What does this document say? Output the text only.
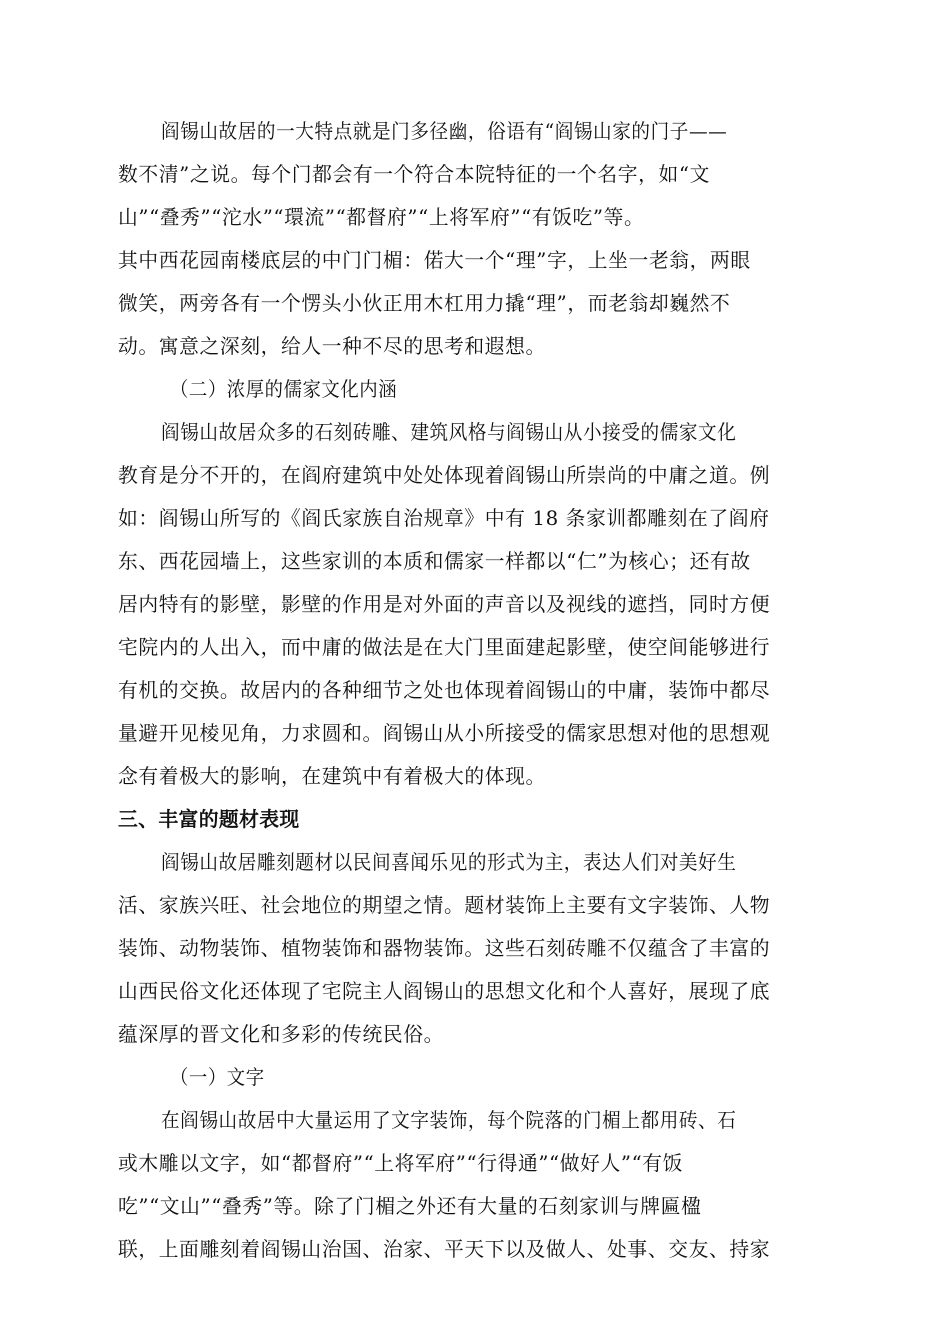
阎锡山故居的一大特点就是门多径幽，俗语有“阎锡山家的门子——
数不清”之说。每个门都会有一个符合本院特征的一个名字，如“文
山”“叠秀”“沱水”“環流”“都督府”“上将军府”“有饭吃”等。
其中西花园南楼底层的中门门楣：偌大一个“理”字，上坐一老翁，两眼
微笑，两旁各有一个愣头小伙正用木杠用力撬“理”，而老翁却巍然不
动。寓意之深刻，给人一种不尽的思考和遐想。
（二）浓厚的儒家文化内涵
阎锡山故居众多的石刻砖雕、建筑风格与阎锡山从小接受的儒家文化
教育是分不开的，在阎府建筑中处处体现着阎锡山所崇尚的中庸之道。例
如：阎锡山所写的《阎氏家族自治规章》中有 18 条家训都雕刻在了阎府
东、西花园墙上，这些家训的本质和儒家一样都以“仁”为核心；还有故
居内特有的影壁，影壁的作用是对外面的声音以及视线的遮挡，同时方便
宅院内的人出入，而中庸的做法是在大门里面建起影壁，使空间能够进行
有机的交换。故居内的各种细节之处也体现着阎锡山的中庸，装饰中都尽
量避开见棱见角，力求圆和。阎锡山从小所接受的儒家思想对他的思想观
念有着极大的影响，在建筑中有着极大的体现。
三、丰富的题材表现
阎锡山故居雕刻题材以民间喜闻乐见的形式为主，表达人们对美好生
活、家族兴旺、社会地位的期望之情。题材装饰上主要有文字装饰、人物
装饰、动物装饰、植物装饰和器物装饰。这些石刻砖雕不仅蕴含了丰富的
山西民俗文化还体现了宅院主人阎锡山的思想文化和个人喜好，展现了底
蕴深厚的晋文化和多彩的传统民俗。
（一）文字
在阎锡山故居中大量运用了文字装饰，每个院落的门楣上都用砖、石
或木雕以文字，如“都督府”“上将军府”“行得通”“做好人”“有饭
吃”“文山”“叠秀”等。除了门楣之外还有大量的石刻家训与牌匾楹
联，上面雕刻着阎锡山治国、治家、平天下以及做人、处事、交友、持家
